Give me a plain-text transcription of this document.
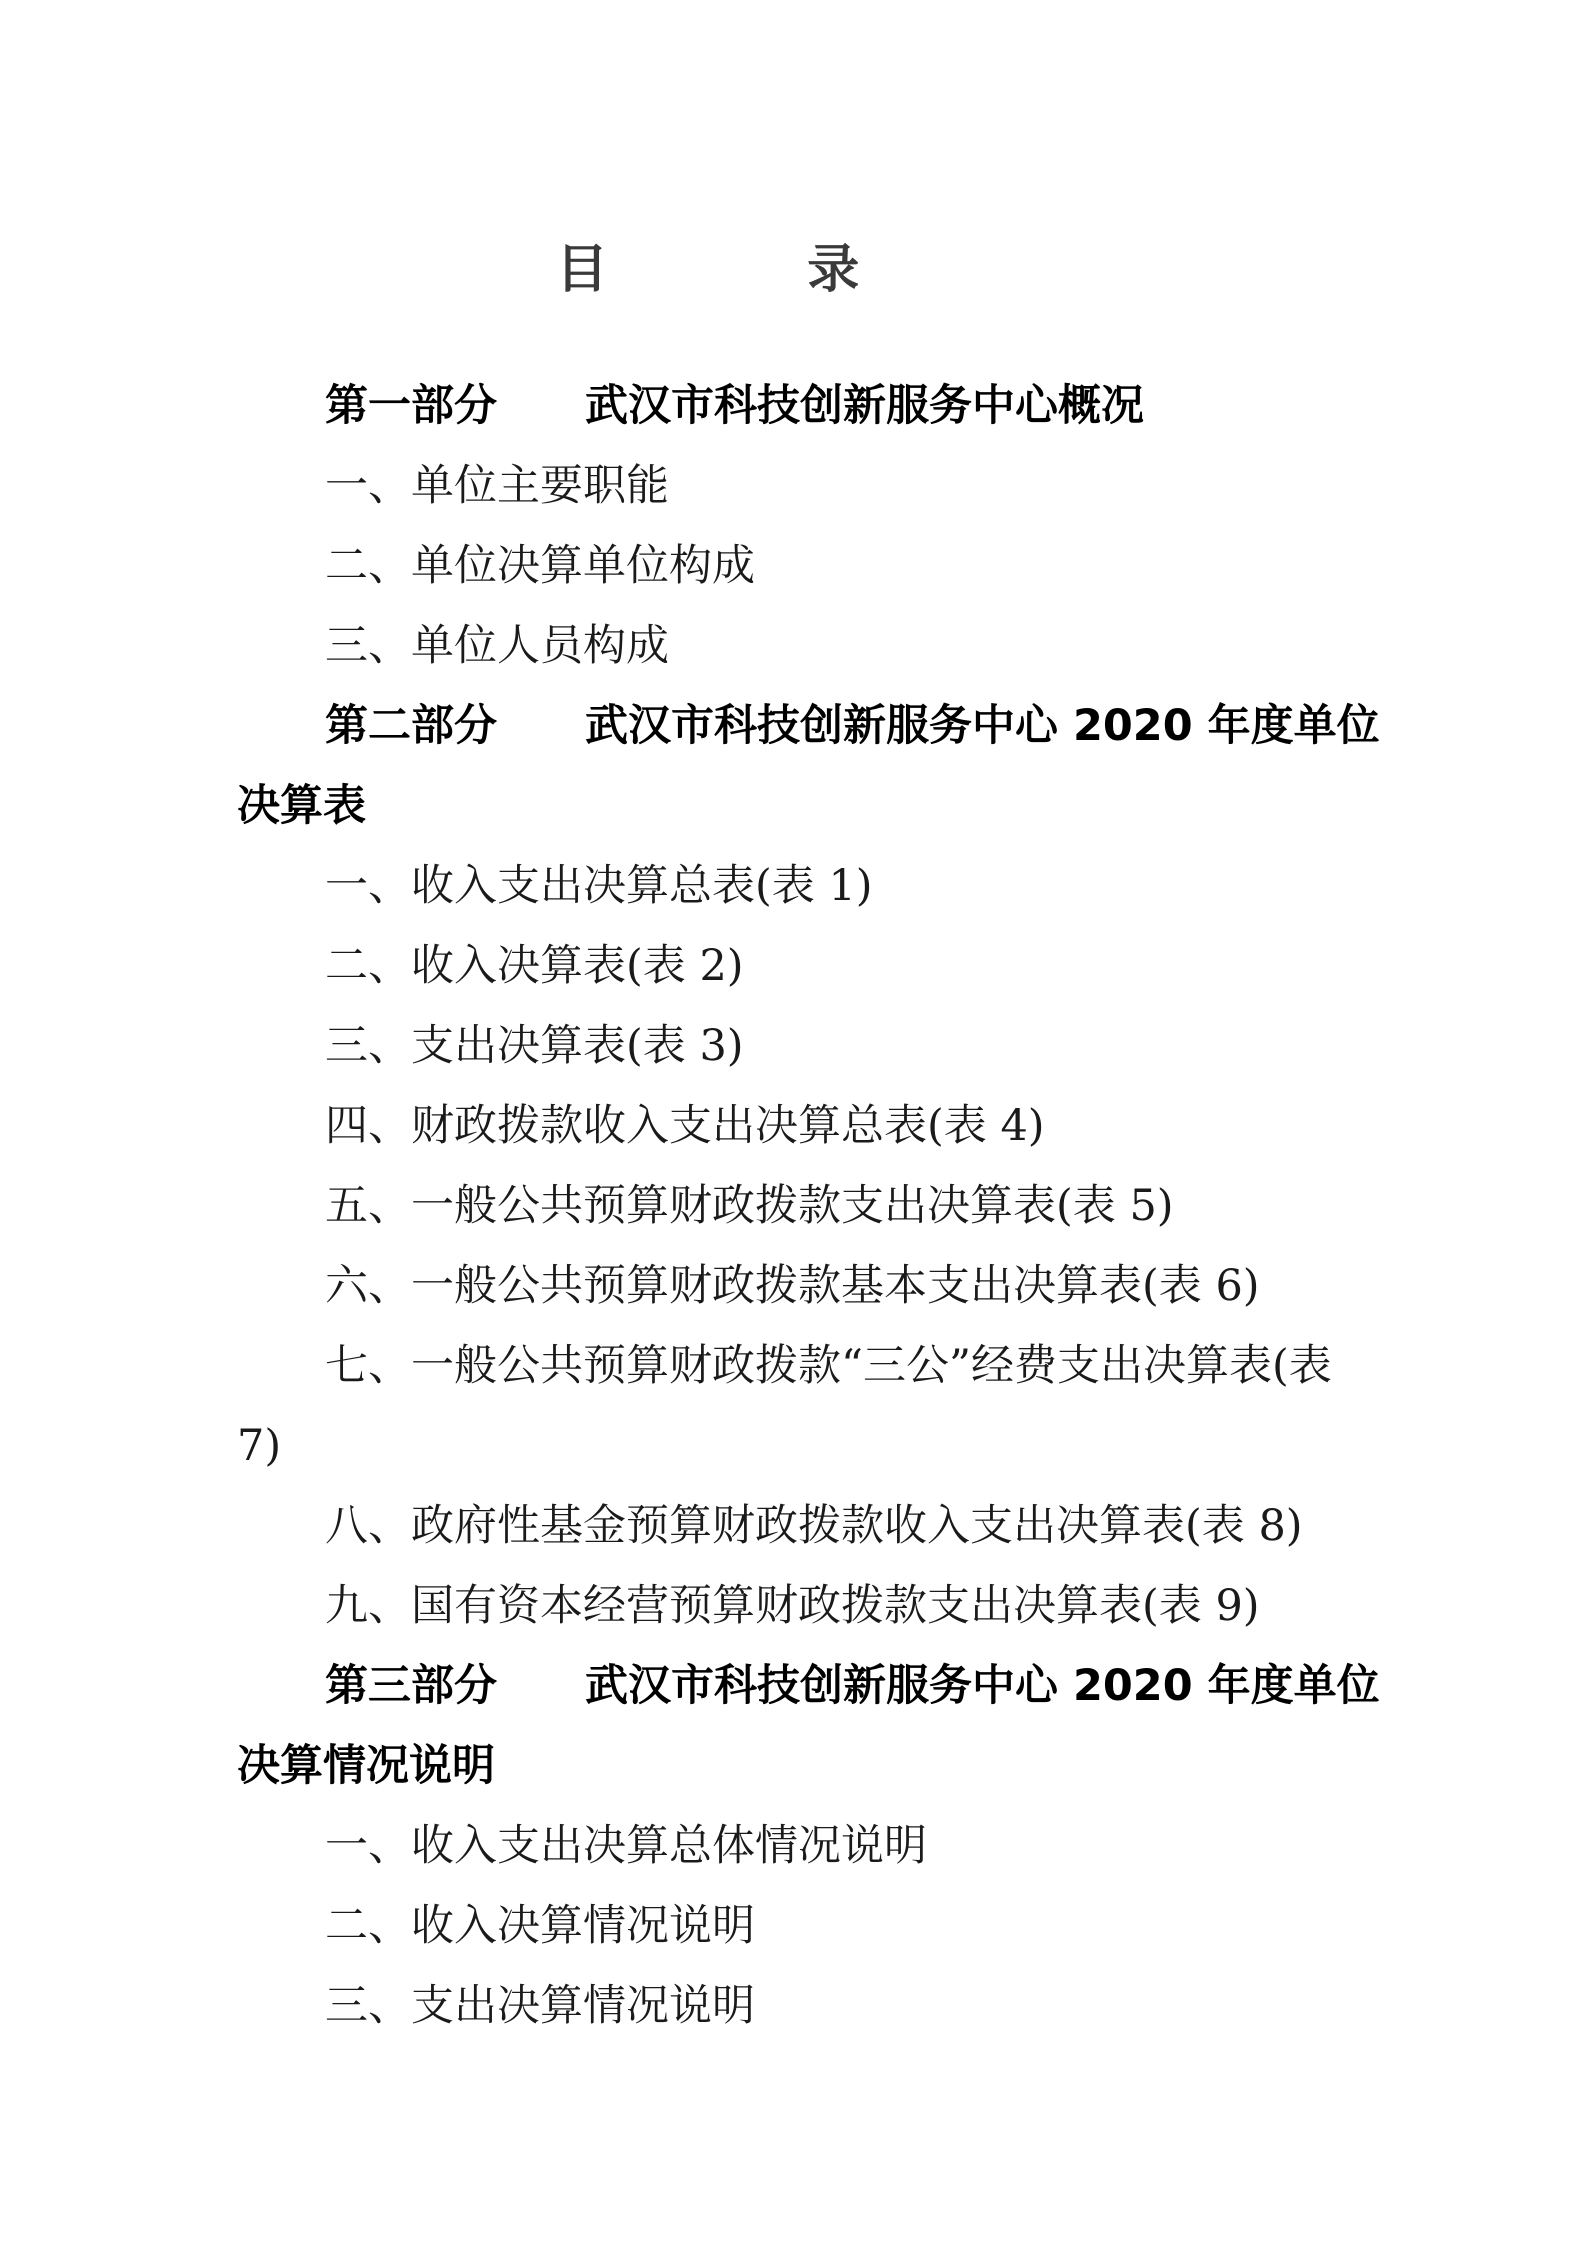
目	录
第一部分 武汉市科技创新服务中心概况
一、单位主要职能
二、单位决算单位构成
三、单位人员构成
第二部分 武汉市科技创新服务中心 2020 年度单位
决算表
一、收入支出决算总表(表 1)
二、收入决算表(表 2)
三、支出决算表(表 3)
四、财政拨款收入支出决算总表(表 4)
五、一般公共预算财政拨款支出决算表(表 5)
六、一般公共预算财政拨款基本支出决算表(表 6)
七、一般公共预算财政拨款“三公”经费支出决算表(表
7)
八、政府性基金预算财政拨款收入支出决算表(表 8)
九、国有资本经营预算财政拨款支出决算表(表 9)
第三部分 武汉市科技创新服务中心 2020 年度单位
决算情况说明
一、收入支出决算总体情况说明
二、收入决算情况说明
三、支出决算情况说明
